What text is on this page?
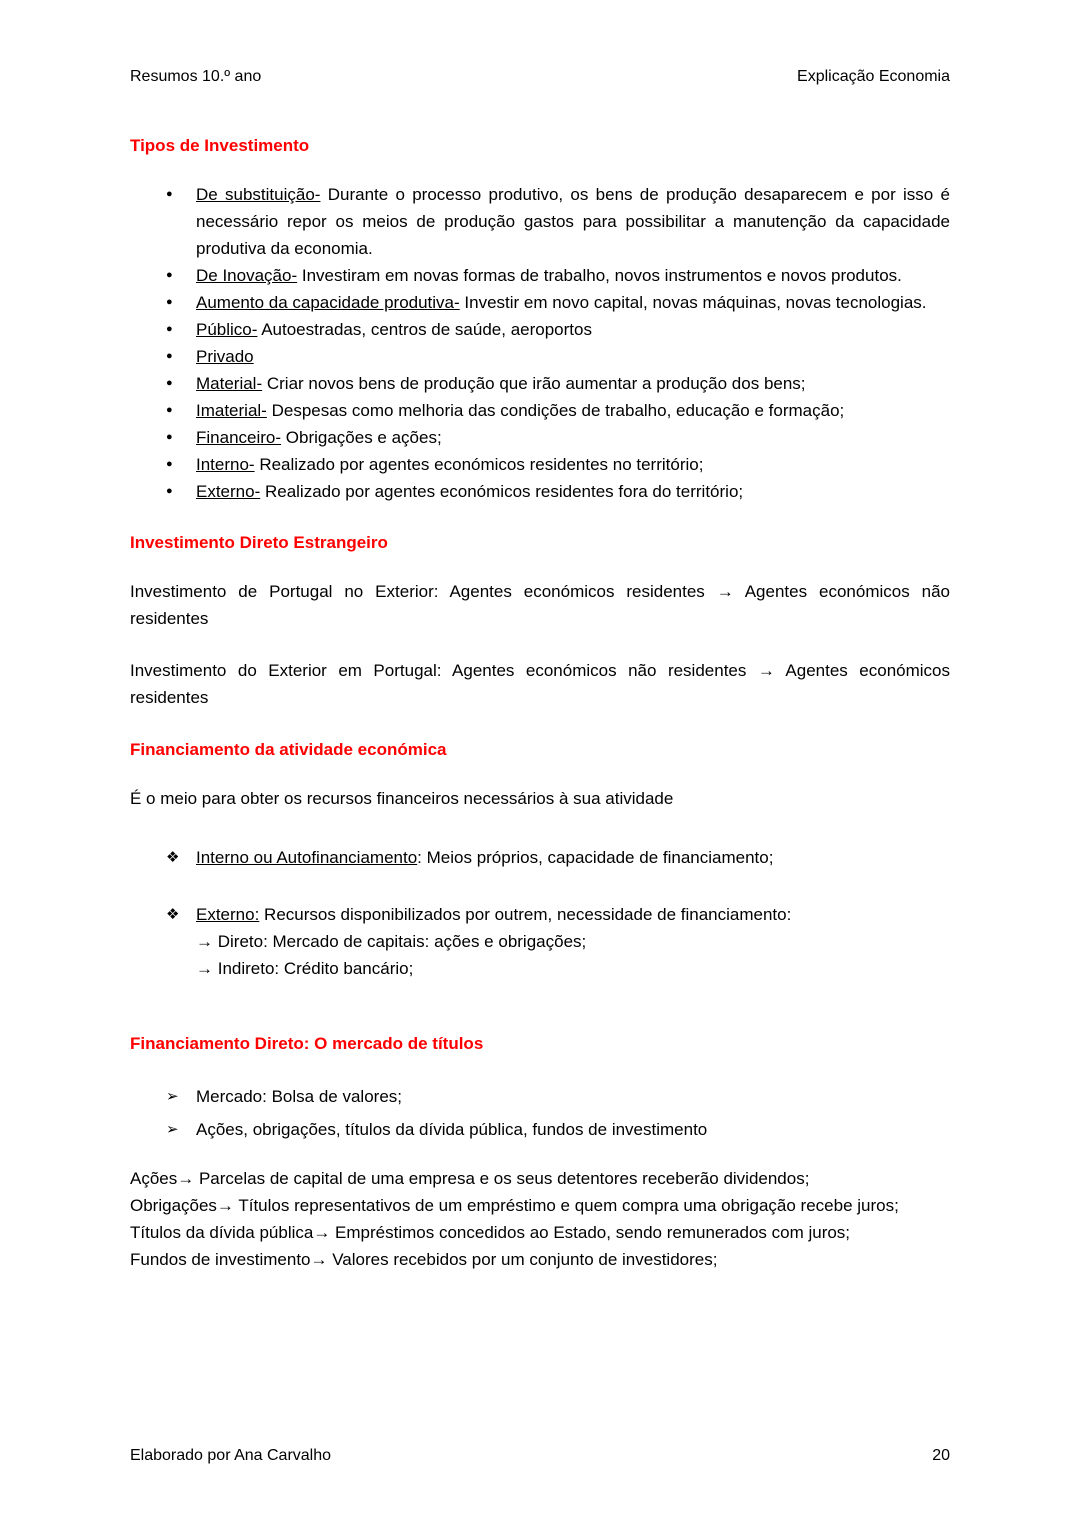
Resumos 10.º ano	Explicação Economia
Tipos de Investimento
●	De substituição- Durante o processo produtivo, os bens de produção desaparecem e por isso é necessário repor os meios de produção gastos para possibilitar a manutenção da capacidade produtiva da economia.
●	De Inovação- Investiram em novas formas de trabalho, novos instrumentos e novos produtos.
●	Aumento da capacidade produtiva- Investir em novo capital, novas máquinas, novas tecnologias.
●	Público- Autoestradas, centros de saúde, aeroportos
●	Privado
●	Material- Criar novos bens de produção que irão aumentar a produção dos bens;
●	Imaterial- Despesas como melhoria das condições de trabalho, educação e formação;
●	Financeiro- Obrigações e ações;
●	Interno- Realizado por agentes económicos residentes no território;
●	Externo- Realizado por agentes económicos residentes fora do território;
Investimento Direto Estrangeiro

Investimento de Portugal no Exterior: Agentes económicos residentes → Agentes económicos não residentes

Investimento do Exterior em Portugal: Agentes económicos não residentes → Agentes económicos residentes

Financiamento da atividade económica

É o meio para obter os recursos financeiros necessários à sua atividade

❖ Interno ou Autofinanciamento: Meios próprios, capacidade de financiamento;
❖ Externo: Recursos disponibilizados por outrem, necessidade de financiamento:
→ Direto: Mercado de capitais: ações e obrigações;
→ Indireto: Crédito bancário;
Financiamento Direto: O mercado de títulos
➢	Mercado: Bolsa de valores;
➢	Ações, obrigações, títulos da dívida pública, fundos de investimento

Ações→ Parcelas de capital de uma empresa e os seus detentores receberão dividendos;

Obrigações→ Títulos representativos de um empréstimo e quem compra uma obrigação recebe juros;

Títulos da dívida pública→ Empréstimos concedidos ao Estado, sendo remunerados com juros;

Fundos de investimento→ Valores recebidos por um conjunto de investidores;

Elaborado por Ana Carvalho	20
